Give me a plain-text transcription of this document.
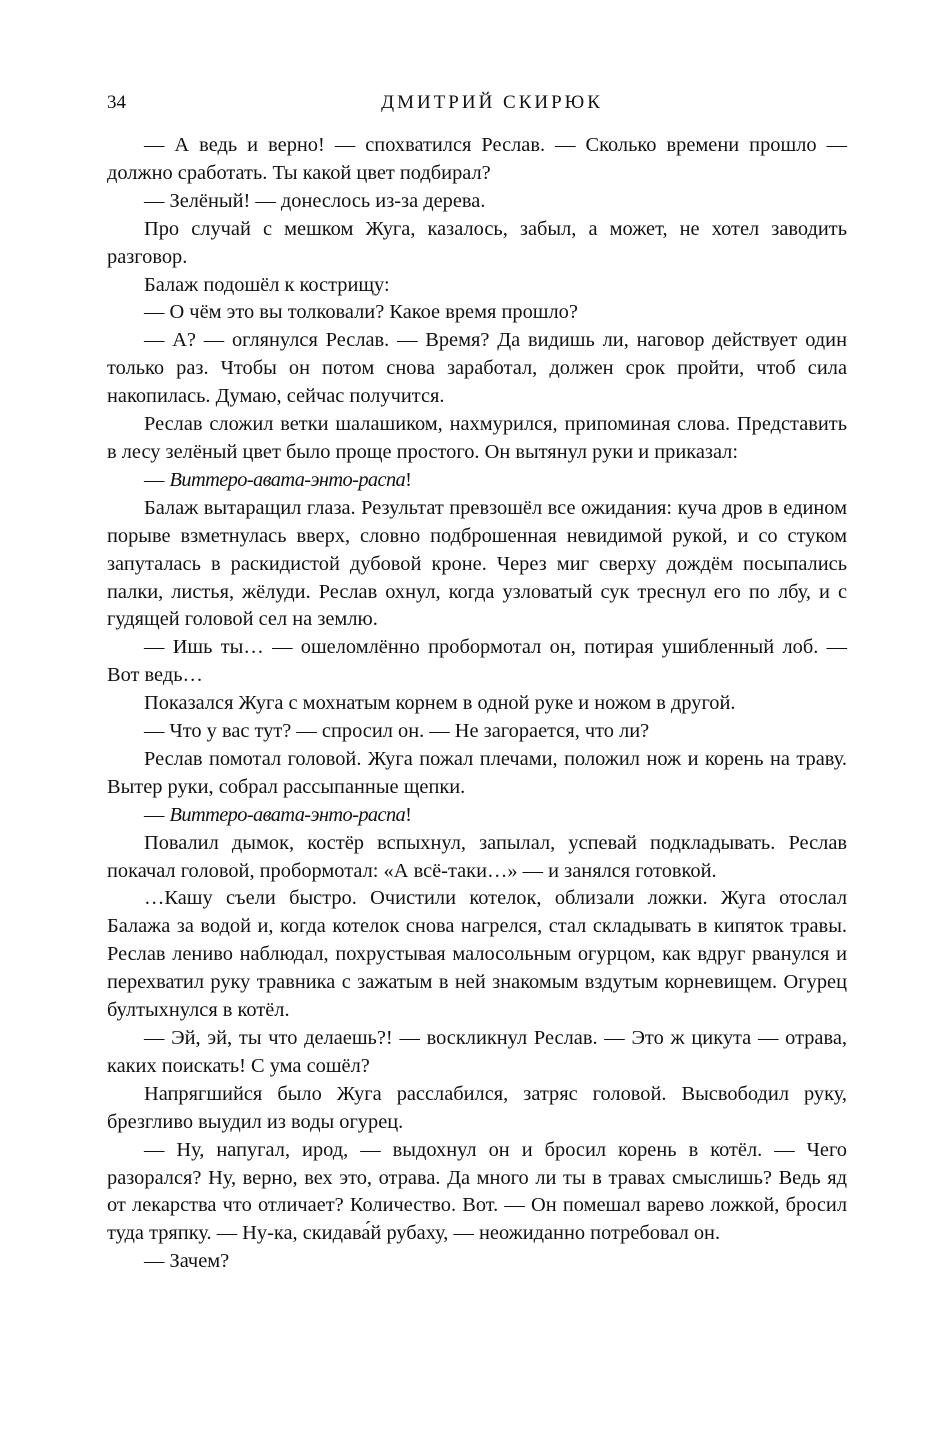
34	ДМИТРИЙ СКИРЮК

— А ведь и верно! — спохватился Реслав. — Сколько времени прошло — должно сработать. Ты какой цвет подбирал?

— Зелёный! — донеслось из-за дерева.

Про случай с мешком Жуга, казалось, забыл, а может, не хотел заводить разговор.

Балаж подошёл к кострищу:

— О чём это вы толковали? Какое время прошло?

— А? — оглянулся Реслав. — Время? Да видишь ли, наговор действует один только раз. Чтобы он потом снова заработал, должен срок пройти, чтоб сила накопилась. Думаю, сейчас получится.

Реслав сложил ветки шалашиком, нахмурился, припоминая слова. Представить в лесу зелёный цвет было проще простого. Он вытянул руки и приказал:

— Виттеро-авата-энто-распа!

Балаж вытаращил глаза. Результат превзошёл все ожидания: куча дров в едином порыве взметнулась вверх, словно подброшенная невидимой рукой, и со стуком запуталась в раскидистой дубовой кроне. Через миг сверху дождём посыпались палки, листья, жёлуди. Реслав охнул, когда узловатый сук треснул его по лбу, и с гудящей головой сел на землю.

— Ишь ты… — ошеломлённо пробормотал он, потирая ушибленный лоб. — Вот ведь…

Показался Жуга с мохнатым корнем в одной руке и ножом в другой.

— Что у вас тут? — спросил он. — Не загорается, что ли?

Реслав помотал головой. Жуга пожал плечами, положил нож и корень на траву. Вытер руки, собрал рассыпанные щепки.

— Виттеро-авата-энто-распа!

Повалил дымок, костёр вспыхнул, запылал, успевай подкладывать. Реслав покачал головой, пробормотал: «А всё-таки…» — и занялся готовкой.

…Кашу съели быстро. Очистили котелок, облизали ложки. Жуга отослал Балажа за водой и, когда котелок снова нагрелся, стал складывать в кипяток травы. Реслав лениво наблюдал, похрустывая малосольным огурцом, как вдруг рванулся и перехватил руку травника с зажатым в ней знакомым вздутым корневищем. Огурец бултыхнулся в котёл.

— Эй, эй, ты что делаешь?! — воскликнул Реслав. — Это ж цикута — отрава, каких поискать! С ума сошёл?

Напрягшийся было Жуга расслабился, затряс головой. Высвободил руку, брезгливо выудил из воды огурец.

— Ну, напугал, ирод, — выдохнул он и бросил корень в котёл. — Чего разорался? Ну, верно, вех это, отрава. Да много ли ты в травах смыслишь? Ведь яд от лекарства что отличает? Количество. Вот. — Он помешал варево ложкой, бросил туда тряпку. — Ну-ка, скидава́й рубаху, — неожиданно потребовал он.

— Зачем?
